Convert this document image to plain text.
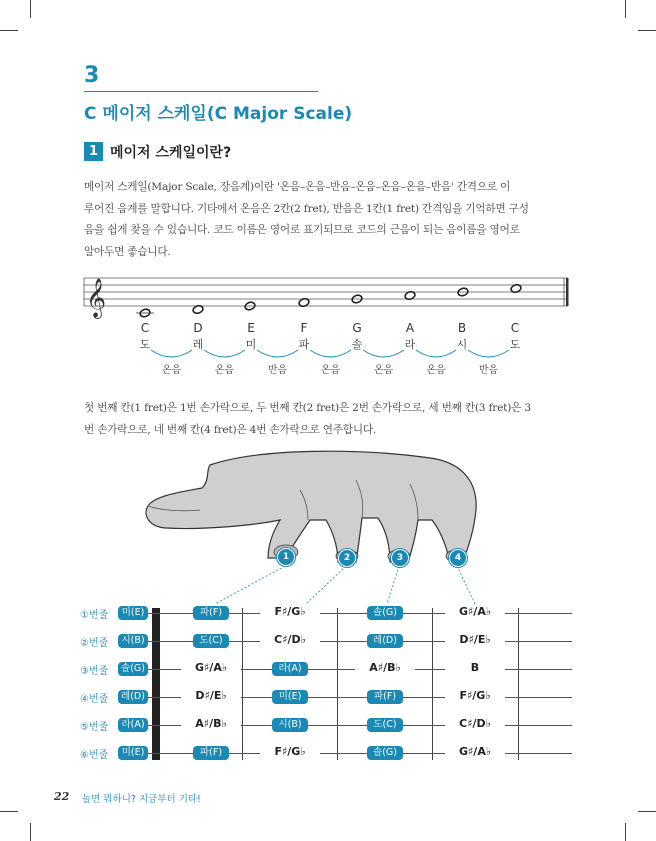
3
C 메이저 스케일(C Major Scale)
1 메이저 스케일이란?
메이저 스케일(Major Scale, 장음계)이란 '온음–온음–반음–온음–온음–온음–반음' 간격으로 이
루어진 음계를 말합니다. 기타에서 온음은 2칸(2 fret), 반음은 1칸(1 fret) 간격임을 기억하면 구성
음을 쉽게 찾을 수 있습니다. 코드 이름은 영어로 표기되므로 코드의 근음이 되는 음이름을 영어로
알아두면 좋습니다.
𝄞
C	D	E	F	G	A	B	C
도	레	미	파	솔	라	시	도
온음	온음	반음	온음	온음	온음	반음
첫 번째 칸(1 fret)은 1번 손가락으로, 두 번째 칸(2 fret)은 2번 손가락으로, 세 번째 칸(3 fret)은 3
번 손가락으로, 네 번째 칸(4 fret)은 4번 손가락으로 연주합니다.
1	2	3	4
①번줄	미(E)	파(F)	F♯/G♭	솔(G)	G♯/A♭
②번줄	시(B)	도(C)	C♯/D♭	레(D)	D♯/E♭
③번줄	솔(G)	G♯/A♭	라(A)	A♯/B♭	B
④번줄	레(D)	D♯/E♭	미(E)	파(F)	F♯/G♭
⑤번줄	라(A)	A♯/B♭	시(B)	도(C)	C♯/D♭
⑥번줄	미(E)	파(F)	F♯/G♭	솔(G)	G♯/A♭
22 놀면 뭐하니? 지금부터 기타!
